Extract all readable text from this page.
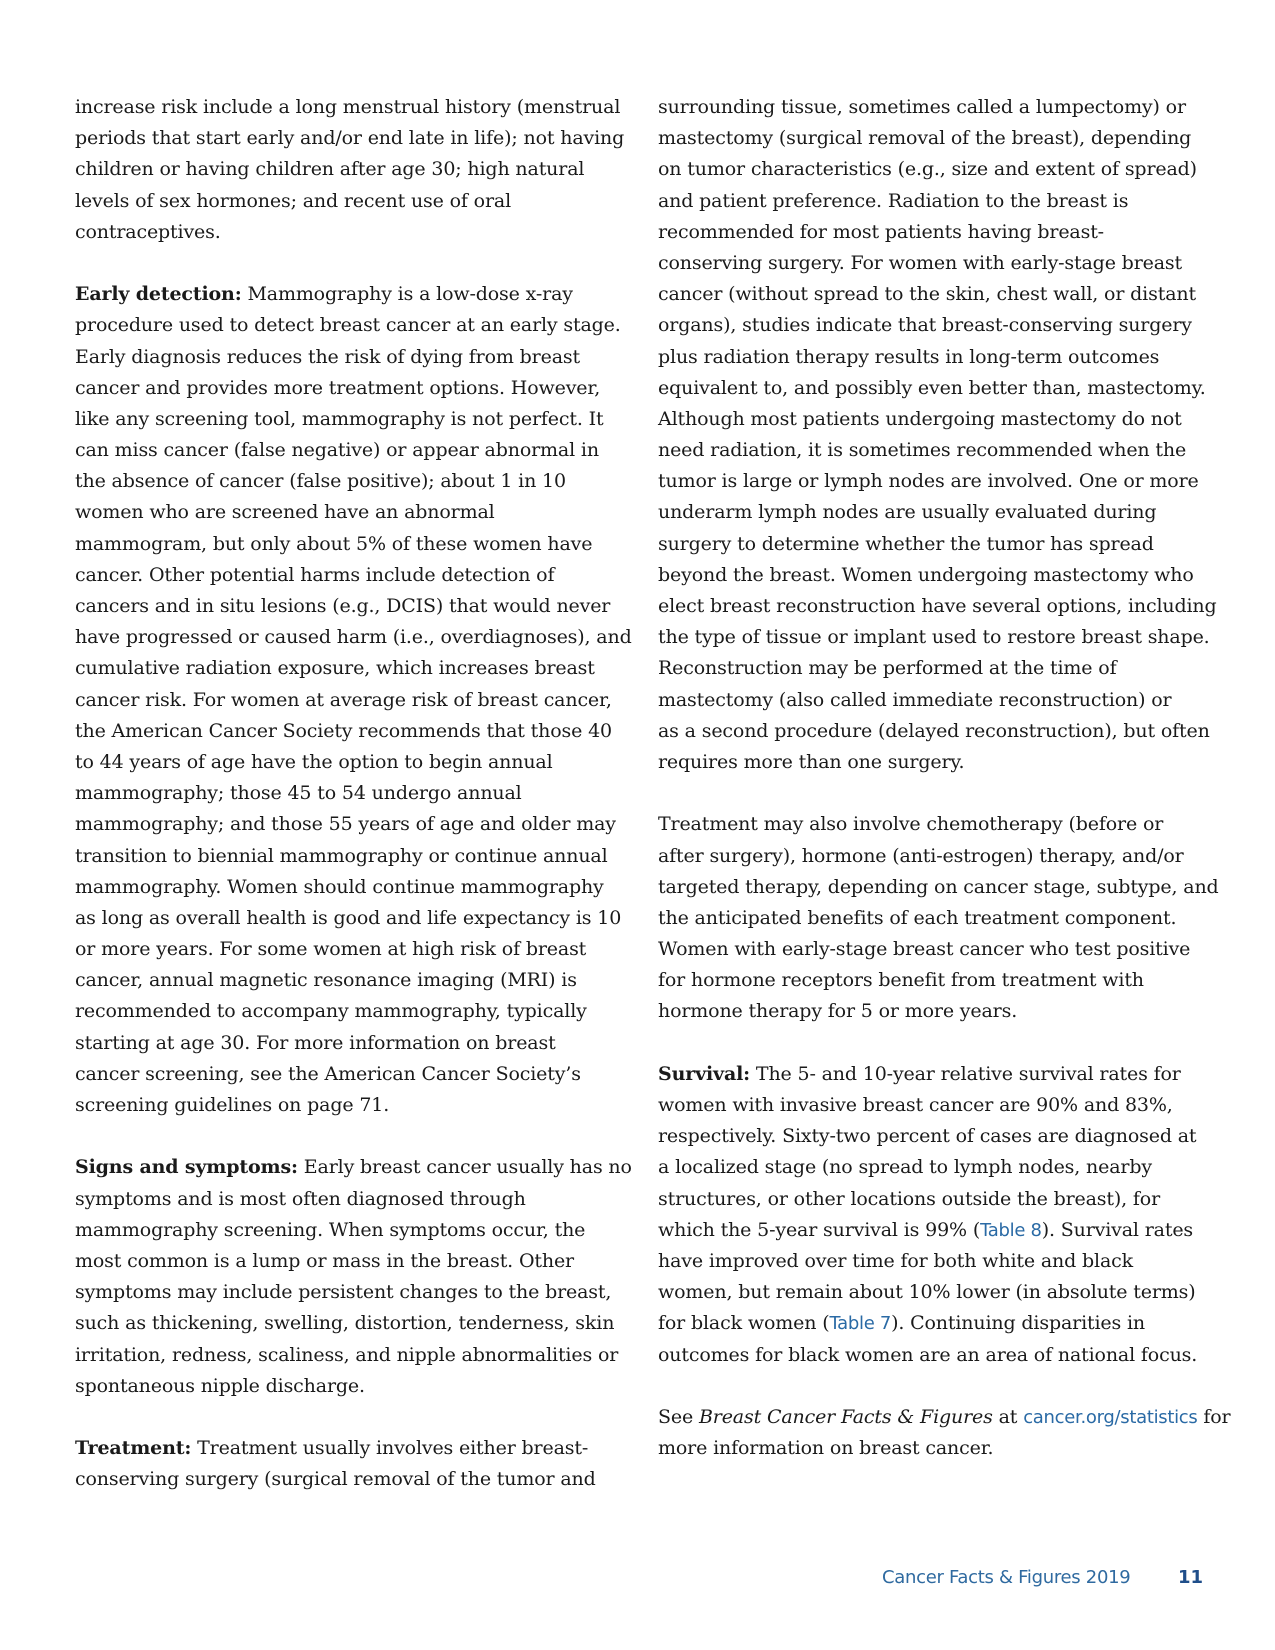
increase risk include a long menstrual history (menstrual
periods that start early and/or end late in life); not having
children or having children after age 30; high natural
levels of sex hormones; and recent use of oral
contraceptives.
Early detection: Mammography is a low-dose x-ray
procedure used to detect breast cancer at an early stage.
Early diagnosis reduces the risk of dying from breast
cancer and provides more treatment options. However,
like any screening tool, mammography is not perfect. It
can miss cancer (false negative) or appear abnormal in
the absence of cancer (false positive); about 1 in 10
women who are screened have an abnormal
mammogram, but only about 5% of these women have
cancer. Other potential harms include detection of
cancers and in situ lesions (e.g., DCIS) that would never
have progressed or caused harm (i.e., overdiagnoses), and
cumulative radiation exposure, which increases breast
cancer risk. For women at average risk of breast cancer,
the American Cancer Society recommends that those 40
to 44 years of age have the option to begin annual
mammography; those 45 to 54 undergo annual
mammography; and those 55 years of age and older may
transition to biennial mammography or continue annual
mammography. Women should continue mammography
as long as overall health is good and life expectancy is 10
or more years. For some women at high risk of breast
cancer, annual magnetic resonance imaging (MRI) is
recommended to accompany mammography, typically
starting at age 30. For more information on breast
cancer screening, see the American Cancer Society’s
screening guidelines on page 71.
Signs and symptoms: Early breast cancer usually has no
symptoms and is most often diagnosed through
mammography screening. When symptoms occur, the
most common is a lump or mass in the breast. Other
symptoms may include persistent changes to the breast,
such as thickening, swelling, distortion, tenderness, skin
irritation, redness, scaliness, and nipple abnormalities or
spontaneous nipple discharge.
Treatment: Treatment usually involves either breast-
conserving surgery (surgical removal of the tumor and
surrounding tissue, sometimes called a lumpectomy) or
mastectomy (surgical removal of the breast), depending
on tumor characteristics (e.g., size and extent of spread)
and patient preference. Radiation to the breast is
recommended for most patients having breast-
conserving surgery. For women with early-stage breast
cancer (without spread to the skin, chest wall, or distant
organs), studies indicate that breast-conserving surgery
plus radiation therapy results in long-term outcomes
equivalent to, and possibly even better than, mastectomy.
Although most patients undergoing mastectomy do not
need radiation, it is sometimes recommended when the
tumor is large or lymph nodes are involved. One or more
underarm lymph nodes are usually evaluated during
surgery to determine whether the tumor has spread
beyond the breast. Women undergoing mastectomy who
elect breast reconstruction have several options, including
the type of tissue or implant used to restore breast shape.
Reconstruction may be performed at the time of
mastectomy (also called immediate reconstruction) or
as a second procedure (delayed reconstruction), but often
requires more than one surgery.
Treatment may also involve chemotherapy (before or
after surgery), hormone (anti-estrogen) therapy, and/or
targeted therapy, depending on cancer stage, subtype, and
the anticipated benefits of each treatment component.
Women with early-stage breast cancer who test positive
for hormone receptors benefit from treatment with
hormone therapy for 5 or more years.
Survival: The 5- and 10-year relative survival rates for
women with invasive breast cancer are 90% and 83%,
respectively. Sixty-two percent of cases are diagnosed at
a localized stage (no spread to lymph nodes, nearby
structures, or other locations outside the breast), for
which the 5-year survival is 99% (Table 8). Survival rates
have improved over time for both white and black
women, but remain about 10% lower (in absolute terms)
for black women (Table 7). Continuing disparities in
outcomes for black women are an area of national focus.
See Breast Cancer Facts & Figures at cancer.org/statistics for
more information on breast cancer.
Cancer Facts & Figures 2019	11
